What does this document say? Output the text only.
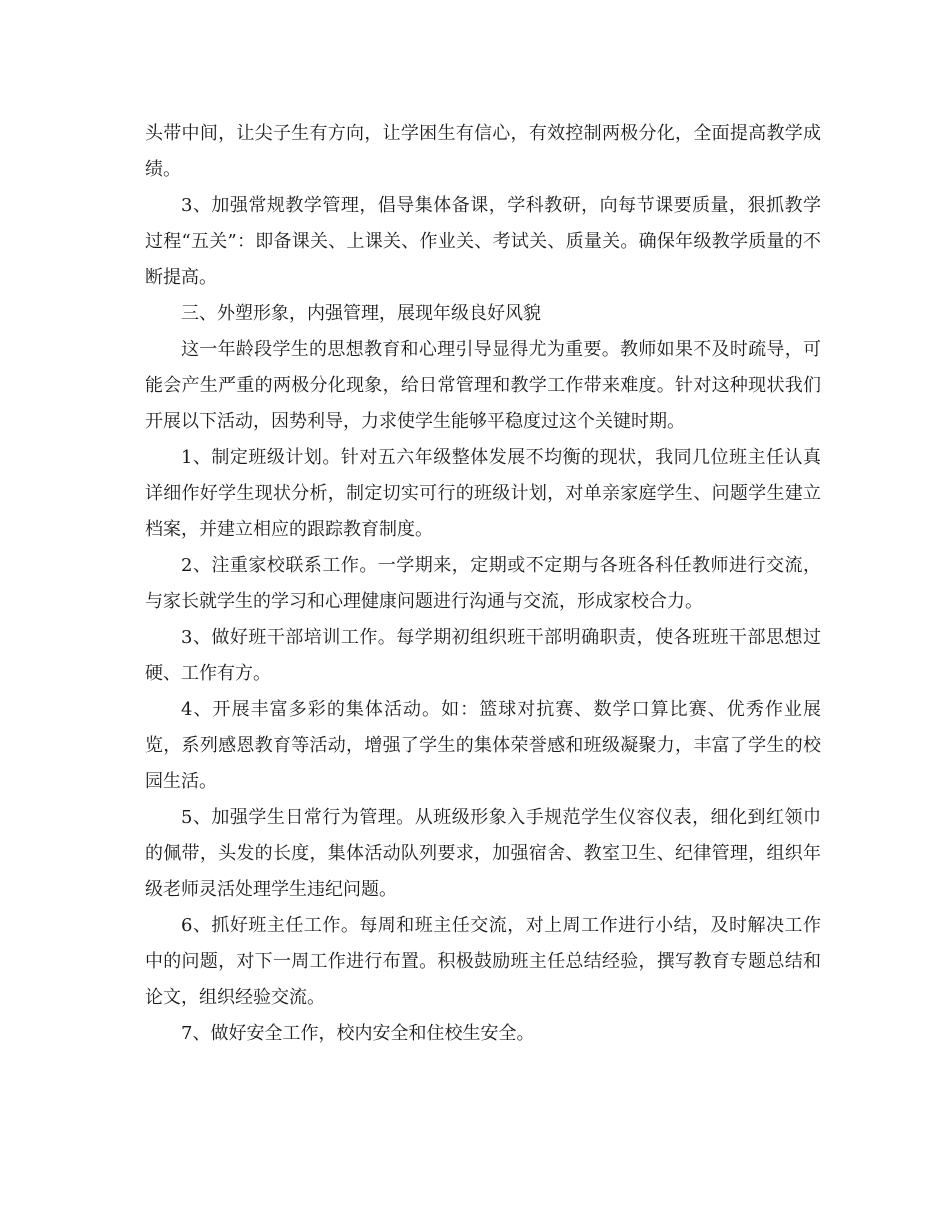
头带中间，让尖子生有方向，让学困生有信心，有效控制两极分化，全面提高教学成绩。

3、加强常规教学管理，倡导集体备课，学科教研，向每节课要质量，狠抓教学过程“五关”：即备课关、上课关、作业关、考试关、质量关。确保年级教学质量的不断提高。

三、外塑形象，内强管理，展现年级良好风貌

这一年龄段学生的思想教育和心理引导显得尤为重要。教师如果不及时疏导，可能会产生严重的两极分化现象，给日常管理和教学工作带来难度。针对这种现状我们开展以下活动，因势利导，力求使学生能够平稳度过这个关键时期。

1、制定班级计划。针对五六年级整体发展不均衡的现状，我同几位班主任认真详细作好学生现状分析，制定切实可行的班级计划，对单亲家庭学生、问题学生建立档案，并建立相应的跟踪教育制度。

2、注重家校联系工作。一学期来，定期或不定期与各班各科任教师进行交流，与家长就学生的学习和心理健康问题进行沟通与交流，形成家校合力。

3、做好班干部培训工作。每学期初组织班干部明确职责，使各班班干部思想过硬、工作有方。

4、开展丰富多彩的集体活动。如：篮球对抗赛、数学口算比赛、优秀作业展览，系列感恩教育等活动，增强了学生的集体荣誉感和班级凝聚力，丰富了学生的校园生活。

5、加强学生日常行为管理。从班级形象入手规范学生仪容仪表，细化到红领巾的佩带，头发的长度，集体活动队列要求，加强宿舍、教室卫生、纪律管理，组织年级老师灵活处理学生违纪问题。

6、抓好班主任工作。每周和班主任交流，对上周工作进行小结，及时解决工作中的问题，对下一周工作进行布置。积极鼓励班主任总结经验，撰写教育专题总结和论文，组织经验交流。

7、做好安全工作，校内安全和住校生安全。
